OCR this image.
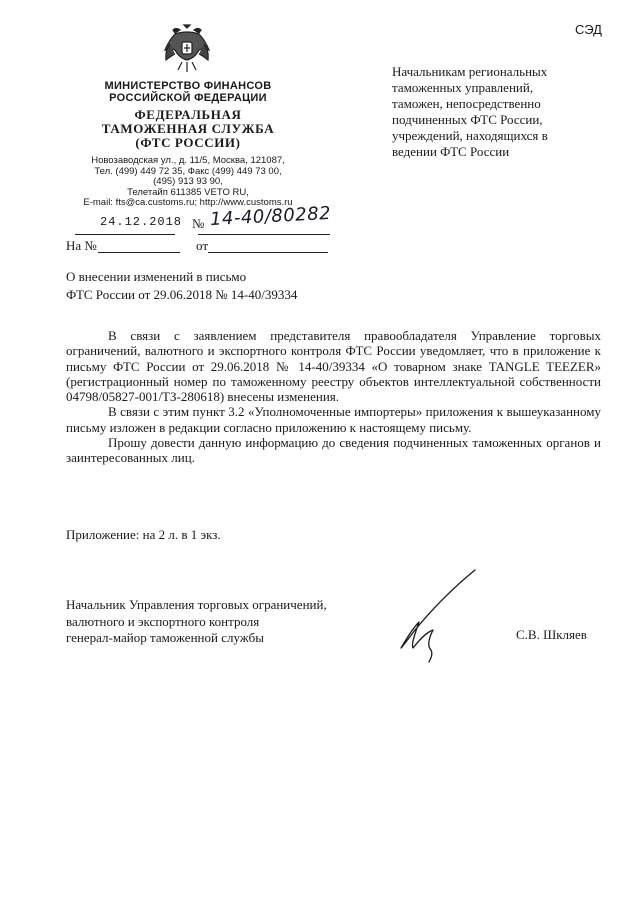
СЭД
МИНИСТЕРСТВО ФИНАНСОВ
РОССИЙСКОЙ ФЕДЕРАЦИИ
ФЕДЕРАЛЬНАЯ
ТАМОЖЕННАЯ СЛУЖБА
(ФТС РОССИИ)
Новозаводская ул., д. 11/5, Москва, 121087,
Тел. (499) 449 72 35, Факс (499) 449 73 00,
(495) 913 93 90,
Телетайп 611385 VETO RU,
E-mail: fts@ca.customs.ru; http://www.customs.ru
Начальникам региональных
таможенных управлений,
таможен, непосредственно
подчиненных ФТС России,
учреждений, находящихся в
ведении ФТС России
24.12.2018 № 14-40/80282
На №	от
О внесении изменений в письмо
ФТС России от 29.06.2018 № 14-40/39334

В связи с заявлением представителя правообладателя Управление торговых ограничений, валютного и экспортного контроля ФТС России уведомляет, что в приложение к письму ФТС России от 29.06.2018 № 14-40/39334 «О товарном знаке TANGLE TEEZER» (регистрационный номер по таможенному реестру объектов интеллектуальной собственности 04798/05827-001/ТЗ-280618) внесены изменения.

В связи с этим пункт 3.2 «Уполномоченные импортеры» приложения к вышеуказанному письму изложен в редакции согласно приложению к настоящему письму.

Прошу довести данную информацию до сведения подчиненных таможенных органов и заинтересованных лиц.

Приложение: на 2 л. в 1 экз.
Начальник Управления торговых ограничений,
валютного и экспортного контроля
генерал-майор таможенной службы	С.В. Шкляев
